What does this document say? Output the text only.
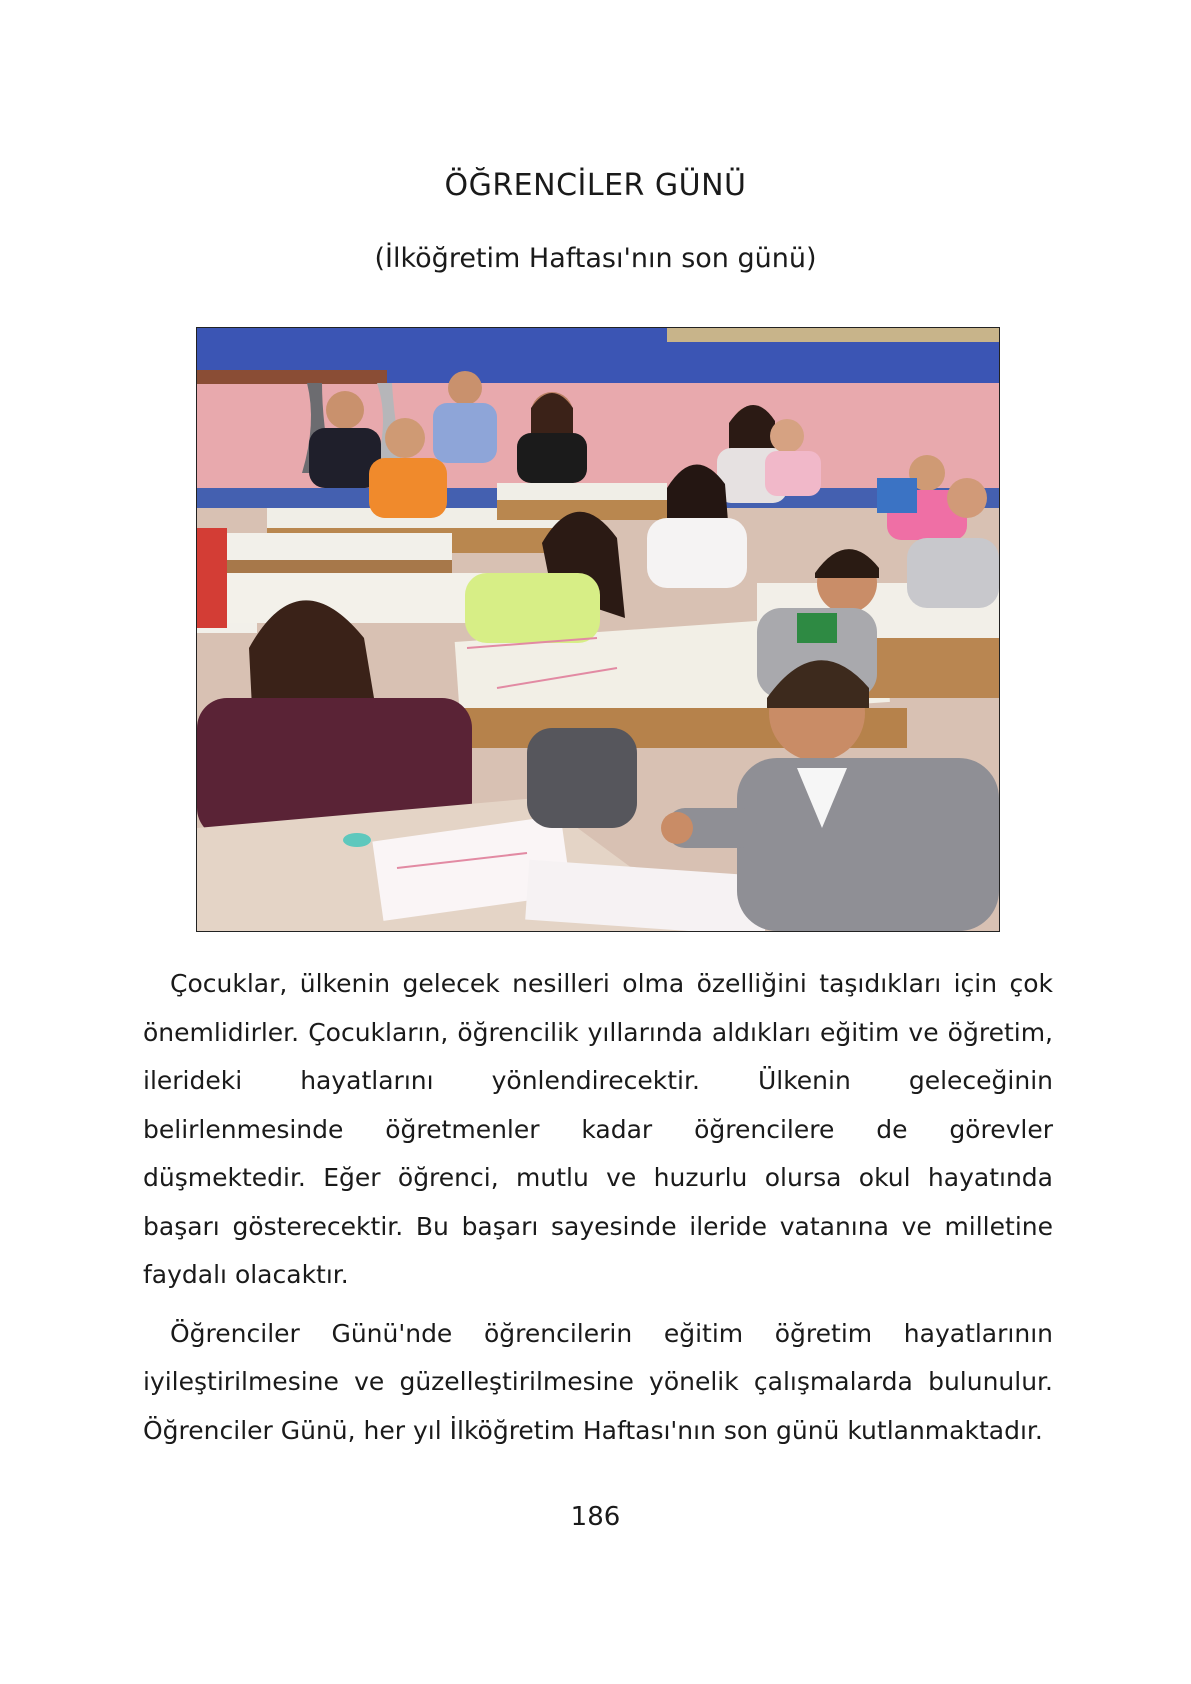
ÖĞRENCİLER GÜNÜ
(İlköğretim Haftası'nın son günü)

Çocuklar, ülkenin gelecek nesilleri olma özelliğini taşıdıkları için çok önemlidirler. Çocukların, öğrencilik yıllarında aldıkları eğitim ve öğretim, ilerideki hayatlarını yönlendirecektir. Ülkenin geleceğinin belirlenmesinde öğretmenler kadar öğrencilere de görevler düşmektedir. Eğer öğrenci, mutlu ve huzurlu olursa okul hayatında başarı gösterecektir. Bu başarı sayesinde ileride vatanına ve milletine faydalı olacaktır.

Öğrenciler Günü'nde öğrencilerin eğitim öğretim hayatlarının iyileştirilmesine ve güzelleştirilmesine yönelik çalışmalarda bulunulur. Öğrenciler Günü, her yıl İlköğretim Haftası'nın son günü kutlanmaktadır.

186
